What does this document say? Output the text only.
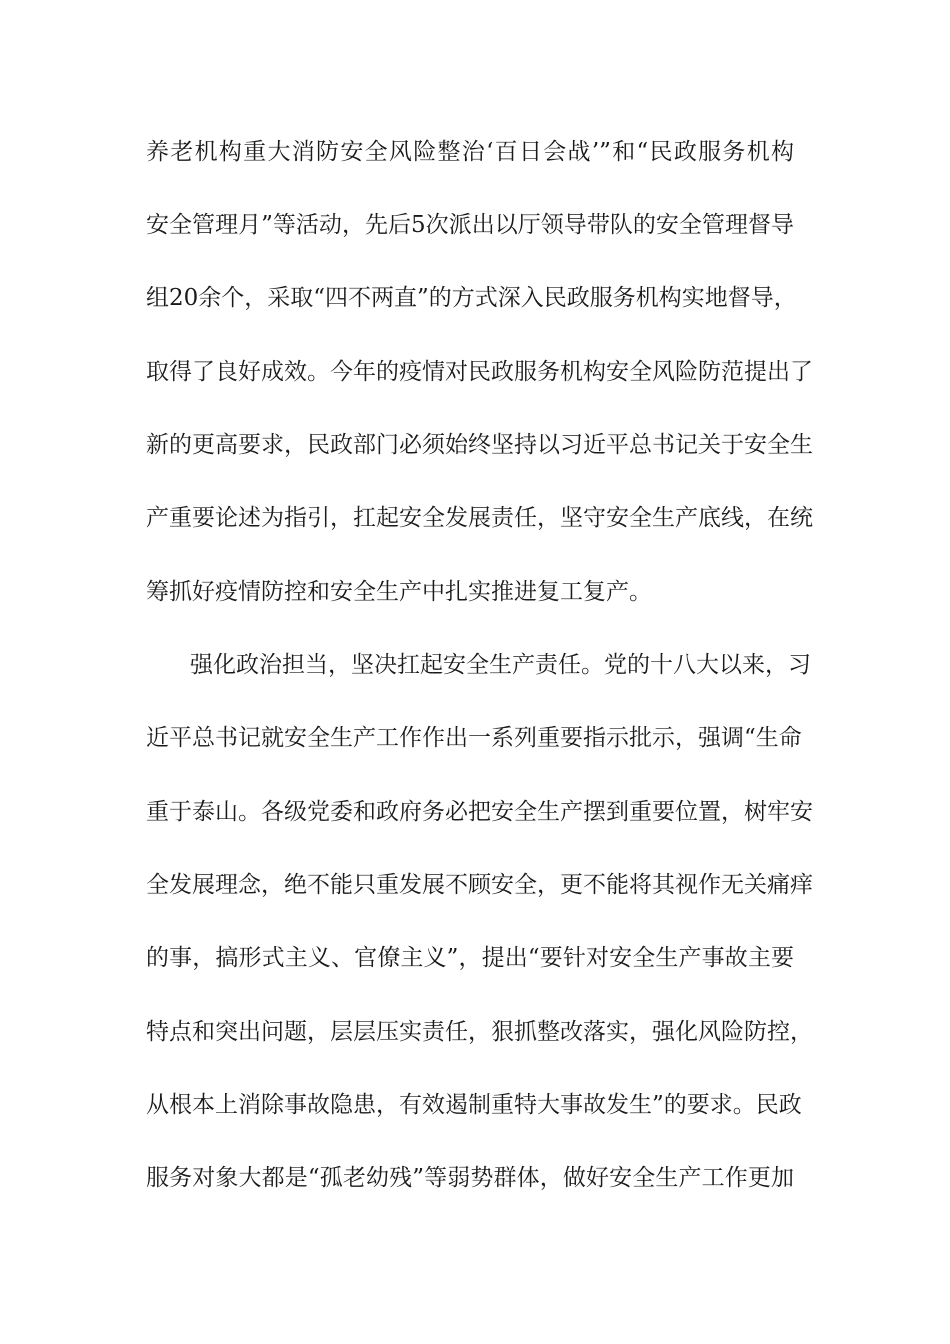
养老机构重大消防安全风险整治‘百日会战’”和“民政服务机构
安全管理月”等活动，先后5次派出以厅领导带队的安全管理督导
组20余个，采取“四不两直”的方式深入民政服务机构实地督导，
取得了良好成效。今年的疫情对民政服务机构安全风险防范提出了
新的更高要求，民政部门必须始终坚持以习近平总书记关于安全生
产重要论述为指引，扛起安全发展责任，坚守安全生产底线，在统
筹抓好疫情防控和安全生产中扎实推进复工复产。
强化政治担当，坚决扛起安全生产责任。党的十八大以来，习
近平总书记就安全生产工作作出一系列重要指示批示，强调“生命
重于泰山。各级党委和政府务必把安全生产摆到重要位置，树牢安
全发展理念，绝不能只重发展不顾安全，更不能将其视作无关痛痒
的事，搞形式主义、官僚主义”，提出“要针对安全生产事故主要
特点和突出问题，层层压实责任，狠抓整改落实，强化风险防控，
从根本上消除事故隐患，有效遏制重特大事故发生”的要求。民政
服务对象大都是“孤老幼残”等弱势群体，做好安全生产工作更加
